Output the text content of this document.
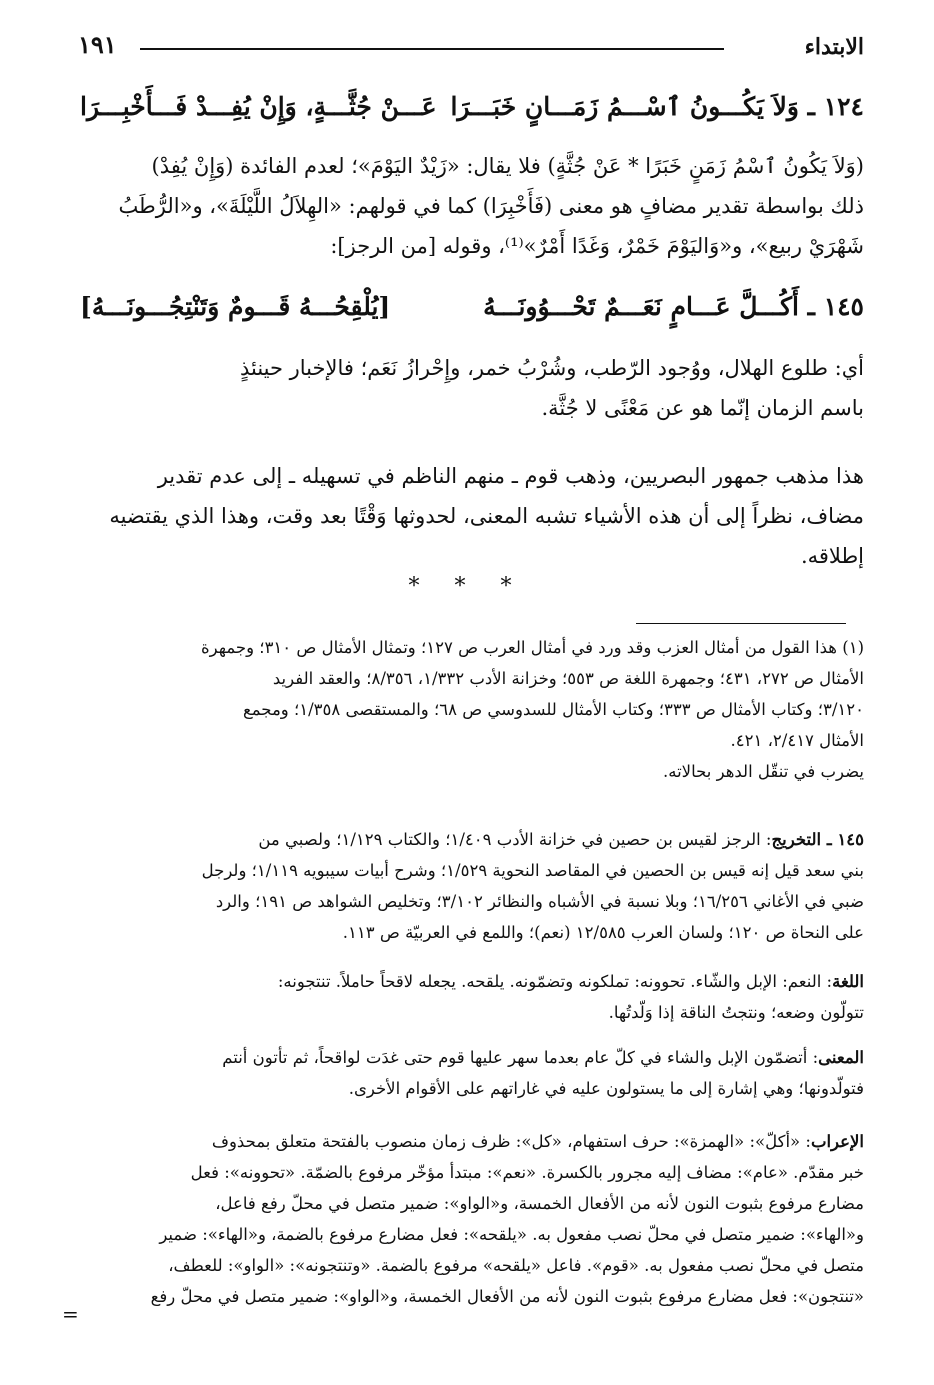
الابتداء
١٩١
١٢٤ ـ وَلاَ يَكُـــونُ ٱسْـــمُ زَمَـــانٍ خَبَـــرَا
عَـــنْ جُثَّـــةٍ، وَإِنْ يُفِـــدْ فَـــأَخْبِـــرَا

(وَلاَ يَكُونُ ٱسْمُ زَمَنٍ خَبَرًا * عَنْ جُثَّةٍ) فلا يقال: «زَيْدٌ اليَوْمَ»؛ لعدم الفائدة (وَإِنْ يُفِدْ)

ذلك بواسطة تقدير مضافٍ هو معنى (فَأَخْبِرَا) كما في قولهم: «الهِلاَلُ اللَّيْلَةَ»، و«الرُّطَبُ

شَهْرَيْ ربيع»، و«وَاليَوْمَ خَمْرٌ، وَغَدًا أَمْرٌ»⁽¹⁾، وقوله [من الرجز]:

١٤٥ ـ أَكُـــلَّ عَـــامٍ نَعَـــمٌ تَحْـــوُونَـــهُ
[يُلْقِحُـــهُ قَـــومٌ وَتَنْتِجُـــونَـــهُ]

أي: طلوع الهلال، ووُجود الرّطب، وشُرْبُ خمر، وإِحْرازُ نَعَم؛ فالإخبار حينئذٍ

باسم الزمان إنّما هو عن مَعْنًى لا جُثَّة.

هذا مذهب جمهور البصريين، وذهب قوم ـ منهم الناظم في تسهيله ـ إلى عدم تقدير

مضاف، نظراً إلى أن هذه الأشياء تشبه المعنى، لحدوثها وَقْتًا بعد وقت، وهذا الذي يقتضيه

إطلاقه.

* * *

(١) هذا القول من أمثال العزب وقد ورد في أمثال العرب ص ١٢٧؛ وتمثال الأمثال ص ٣١٠؛ وجمهرة

الأمثال ص ٢٧٢، ٤٣١؛ وجمهرة اللغة ص ٥٥٣؛ وخزانة الأدب ١/٣٣٢، ٨/٣٥٦؛ والعقد الفريد

٣/١٢٠؛ وكتاب الأمثال ص ٣٣٣؛ وكتاب الأمثال للسدوسي ص ٦٨؛ والمستقصى ١/٣٥٨؛ ومجمع

الأمثال ٢/٤١٧، ٤٢١.

يضرب في تنقّل الدهر بحالاته.

١٤٥ ـ التخريج: الرجز لقيس بن حصين في خزانة الأدب ١/٤٠٩؛ والكتاب ١/١٢٩؛ ولصبي من

بني سعد قيل إنه قيس بن الحصين في المقاصد النحوية ١/٥٢٩؛ وشرح أبيات سيبويه ١/١١٩؛ ولرجل

ضبي في الأغاني ١٦/٢٥٦؛ وبلا نسبة في الأشباه والنظائر ٣/١٠٢؛ وتخليص الشواهد ص ١٩١؛ والرد

على النحاة ص ١٢٠؛ ولسان العرب ١٢/٥٨٥ (نعم)؛ واللمع في العربيّة ص ١١٣.

اللغة: النعم: الإبل والشّاء. تحوونه: تملكونه وتضمّونه. يلقحه. يجعله لاقحاً حاملاً. تنتجونه:

تتولّون وضعه؛ ونتجتُ الناقة إذا وَلّدتُها.

المعنى: أتضمّون الإبل والشاء في كلّ عام بعدما سهر عليها قوم حتى غدَت لواقحاً، ثم تأتون أنتم

فتولّدونها؛ وهي إشارة إلى ما يستولون عليه في غاراتهم على الأقوام الأخرى.

الإعراب: «أكلّ»: «الهمزة»: حرف استفهام، «كل»: ظرف زمان منصوب بالفتحة متعلق بمحذوف

خبر مقدّم. «عام»: مضاف إليه مجرور بالكسرة. «نعم»: مبتدأ مؤخّر مرفوع بالضمّة. «تحوونه»: فعل

مضارع مرفوع بثبوت النون لأنه من الأفعال الخمسة، و«الواو»: ضمير متصل في محلّ رفع فاعل،

و«الهاء»: ضمير متصل في محلّ نصب مفعول به. «يلقحه»: فعل مضارع مرفوع بالضمة، و«الهاء»: ضمير

متصل في محلّ نصب مفعول به. «قوم». فاعل «يلقحه» مرفوع بالضمة. «وتنتجونه»: «الواو»: للعطف،

«تنتجون»: فعل مضارع مرفوع بثبوت النون لأنه من الأفعال الخمسة، و«الواو»: ضمير متصل في محلّ رفع

=
